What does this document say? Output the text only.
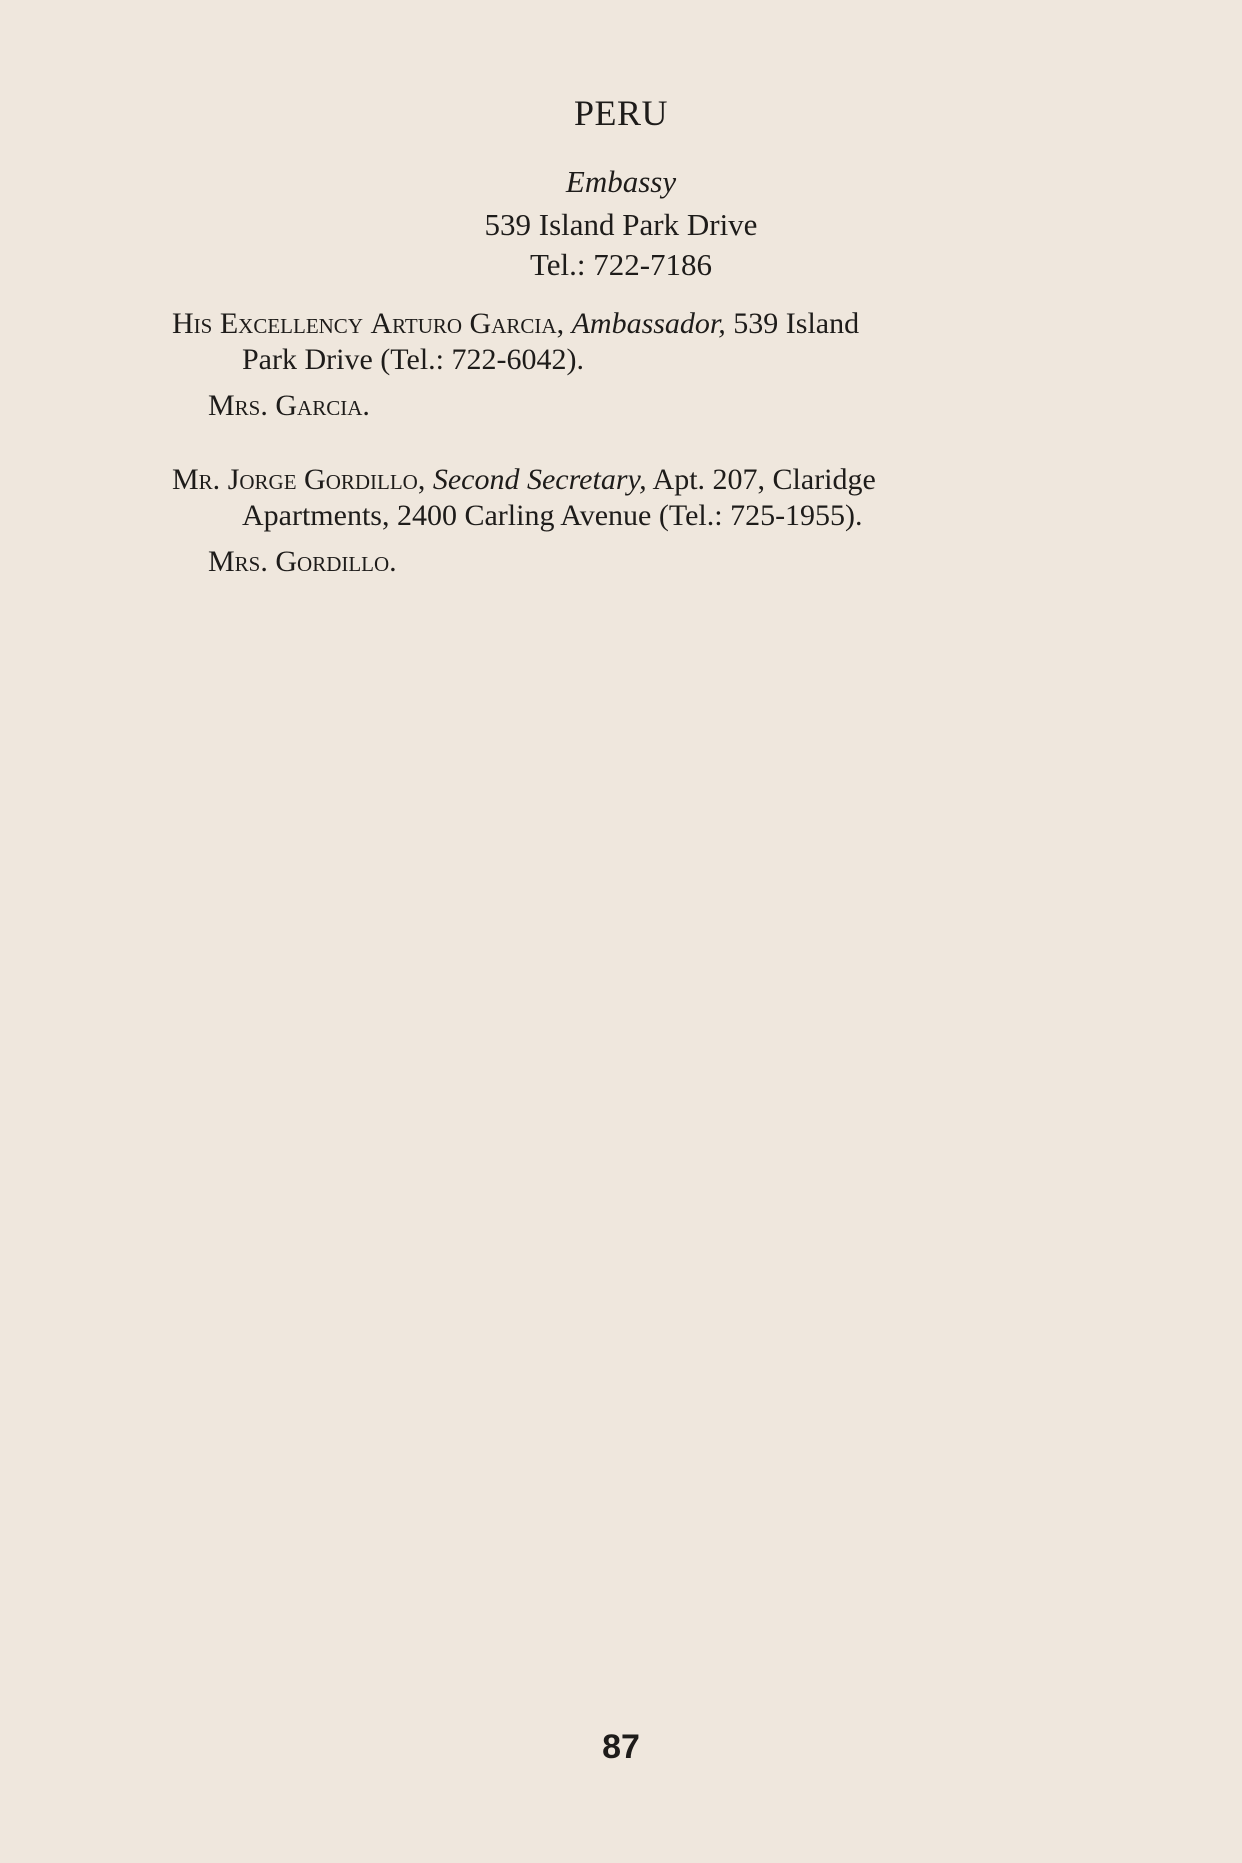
PERU
Embassy
539 Island Park Drive
Tel.: 722-7186
His Excellency Arturo Garcia, Ambassador, 539 Island
Park Drive (Tel.: 722-6042).
Mrs. Garcia.
Mr. Jorge Gordillo, Second Secretary, Apt. 207, Claridge
Apartments, 2400 Carling Avenue (Tel.: 725-1955).
Mrs. Gordillo.
87
